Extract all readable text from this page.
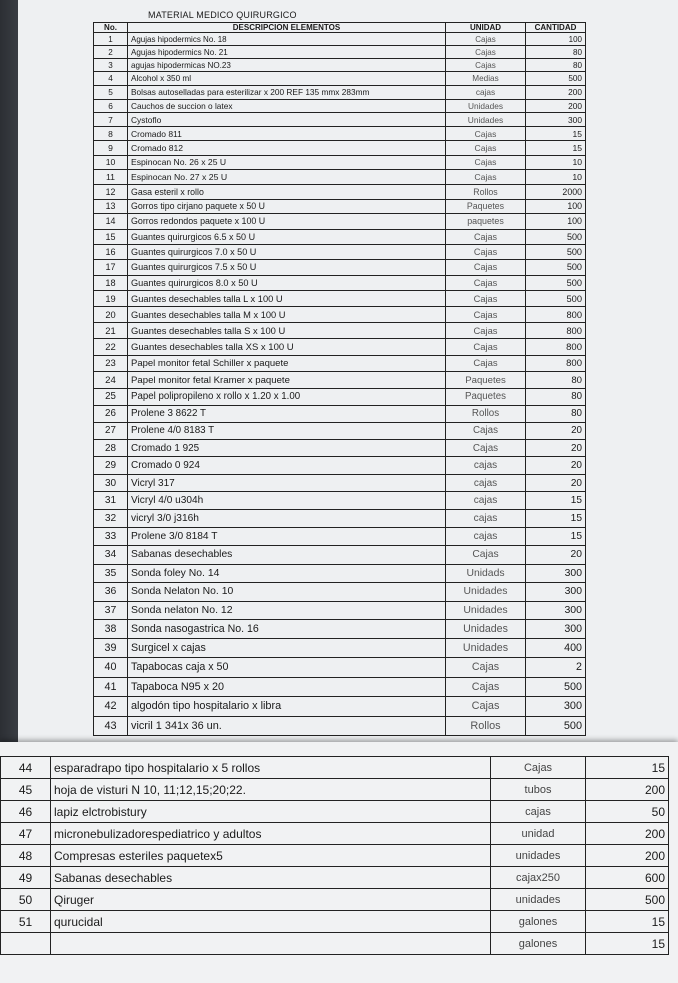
MATERIAL MEDICO QUIRURGICO
No.	DESCRIPCION ELEMENTOS	UNIDAD	CANTIDAD
1	Agujas hipodermics No. 18	Cajas	100
2	Agujas hipodermics No. 21	Cajas	80
3	agujas hipodermicas NO.23	Cajas	80
4	Alcohol x 350 ml	Medias	500
5	Bolsas autoselladas para esterilizar x 200 REF 135 mmx 283mm	cajas	200
6	Cauchos de succion o latex	Unidades	200
7	Cystoflo	Unidades	300
8	Cromado 811	Cajas	15
9	Cromado 812	Cajas	15
10	Espinocan No. 26 x 25 U	Cajas	10
11	Espinocan No. 27 x 25 U	Cajas	10
12	Gasa esteril x rollo	Rollos	2000
13	Gorros tipo cirjano paquete x 50 U	Paquetes	100
14	Gorros redondos paquete x 100 U	paquetes	100
15	Guantes quirurgicos 6.5 x 50 U	Cajas	500
16	Guantes quirurgicos 7.0 x 50 U	Cajas	500
17	Guantes quirurgicos 7.5 x 50 U	Cajas	500
18	Guantes quirurgicos 8.0 x 50 U	Cajas	500
19	Guantes desechables talla L x 100 U	Cajas	500
20	Guantes desechables talla M x 100 U	Cajas	800
21	Guantes desechables talla S x 100 U	Cajas	800
22	Guantes desechables talla XS x 100 U	Cajas	800
23	Papel monitor fetal Schiller x paquete	Cajas	800
24	Papel monitor fetal Kramer x paquete	Paquetes	80
25	Papel polipropileno x rollo x 1.20 x 1.00	Paquetes	80
26	Prolene 3 8622 T	Rollos	80
27	Prolene 4/0 8183 T	Cajas	20
28	Cromado 1 925	Cajas	20
29	Cromado 0 924	cajas	20
30	Vicryl 317	cajas	20
31	Vicryl 4/0 u304h	cajas	15
32	vicryl 3/0 j316h	cajas	15
33	Prolene 3/0 8184 T	cajas	15
34	Sabanas desechables	Cajas	20
35	Sonda foley No. 14	Unidads	300
36	Sonda Nelaton No. 10	Unidades	300
37	Sonda nelaton No. 12	Unidades	300
38	Sonda nasogastrica No. 16	Unidades	300
39	Surgicel x cajas	Unidades	400
40	Tapabocas caja x 50	Cajas	2
41	Tapaboca N95 x 20	Cajas	500
42	algodón tipo hospitalario x libra	Cajas	300
43	vicril 1 341x 36 un.	Rollos	500
44	esparadrapo tipo hospitalario x 5 rollos	Cajas	15
45	hoja de visturi N 10, 11;12,15;20;22.	tubos	200
46	lapiz elctrobistury	cajas	50
47	micronebulizadorespediatrico y adultos	unidad	200
48	Compresas esteriles paquetex5	unidades	200
49	Sabanas desechables	cajax250	600
50	Qiruger	unidades	500
51	qurucidal	galones	15
		galones	15
